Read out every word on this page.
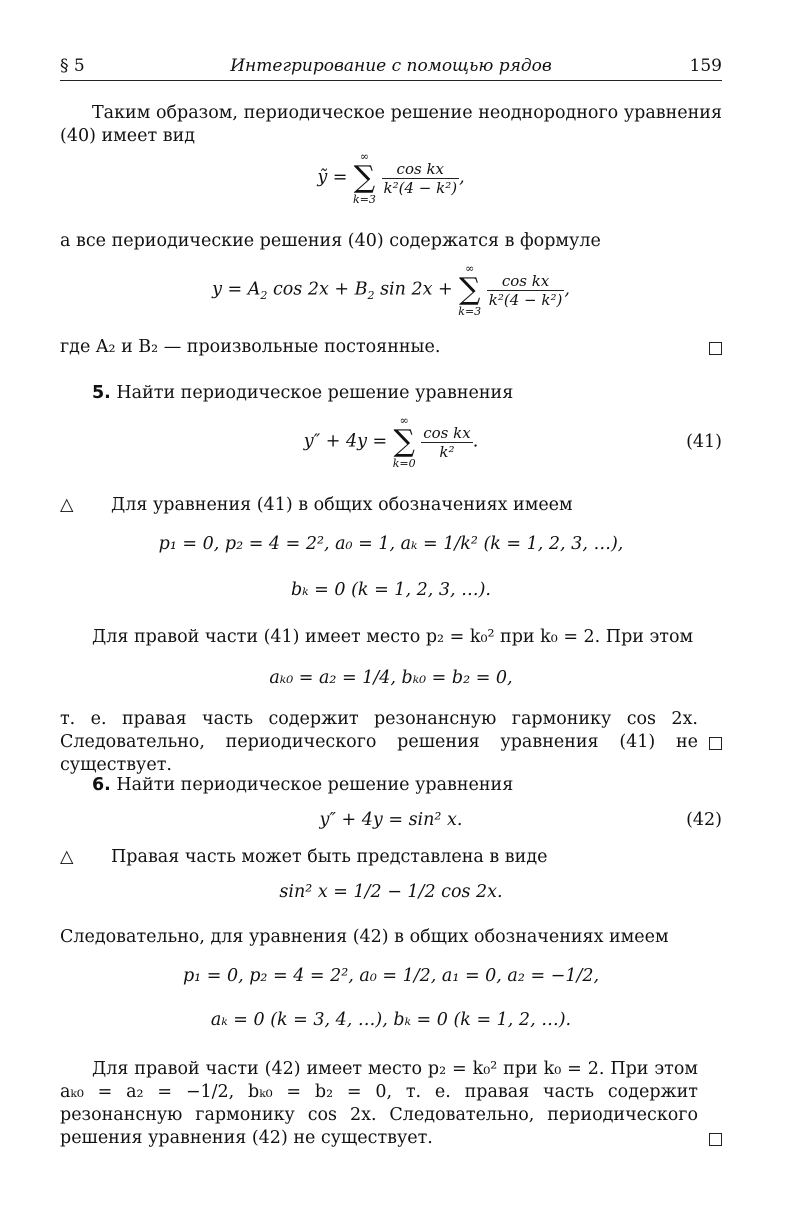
§ 5	Интегрирование с помощью рядов	159
Таким образом, периодическое решение неоднородного уравнения (40) имеет вид
ỹ =
∞
∑
k=3

$\frac{\text{cos kx}}{\text{k²(4 − k²)}}$ ,
а все периодические решения (40) содержатся в формуле
$y = A_2$ $\cos 2x + B_2$ sin 2x +
∞
∑
k=3

$\frac{\text{cos kx}}{\text{k²(4 − k²)}}$ ,
где A₂ и B₂ — произвольные постоянные.
5. Найти периодическое решение уравнения
y″ + 4y =
∞
∑
k=0

$\frac{\text{cos kx}}{\text{k²}}$ .	(41)
△ Для уравнения (41) в общих обозначениях имеем
p₁ = 0, p₂ = 4 = 2², a₀ = 1, aₖ = 1/k² (k = 1, 2, 3, …),
bₖ = 0 (k = 1, 2, 3, …).
Для правой части (41) имеет место p₂ = k₀² при k₀ = 2. При этом
aₖ₀ = a₂ = 1/4, bₖ₀ = b₂ = 0,
т. е. правая часть содержит резонансную гармонику cos 2x. Следовательно, периодического решения уравнения (41) не существует.
6. Найти периодическое решение уравнения
y″ + 4y = sin² x.	(42)
△ Правая часть может быть представлена в виде
sin² x = 1/2 − 1/2 cos 2x.
Следовательно, для уравнения (42) в общих обозначениях имеем
p₁ = 0, p₂ = 4 = 2², a₀ = 1/2, a₁ = 0, a₂ = −1/2,
aₖ = 0 (k = 3, 4, …), bₖ = 0 (k = 1, 2, …).
Для правой части (42) имеет место p₂ = k₀² при k₀ = 2. При этом aₖ₀ = a₂ = −1/2, bₖ₀ = b₂ = 0, т. е. правая часть содержит резонансную гармонику cos 2x. Следовательно, периодического решения уравнения (42) не существует.
